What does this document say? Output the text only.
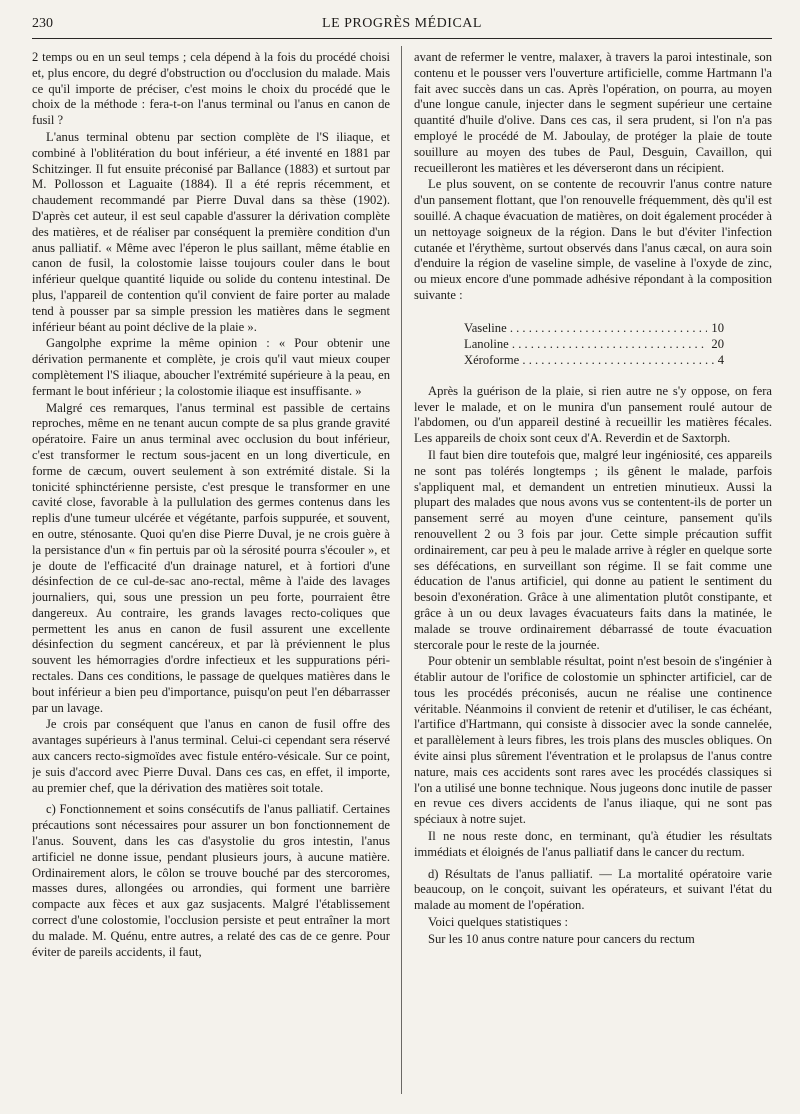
230	LE PROGRÈS MÉDICAL

2 temps ou en un seul temps ; cela dépend à la fois du procédé choisi et, plus encore, du degré d'obstruction ou d'occlusion du malade. Mais ce qu'il importe de préciser, c'est moins le choix du procédé que le choix de la méthode : fera-t-on l'anus terminal ou l'anus en canon de fusil ?

L'anus terminal obtenu par section complète de l'S iliaque, et combiné à l'oblitération du bout inférieur, a été inventé en 1881 par Schitzinger. Il fut ensuite préconisé par Ballance (1883) et surtout par M. Pollosson et Laguaite (1884). Il a été repris récemment, et chaudement recommandé par Pierre Duval dans sa thèse (1902). D'après cet auteur, il est seul capable d'assurer la dérivation complète des matières, et de réaliser par conséquent la première condition d'un anus palliatif. « Même avec l'éperon le plus saillant, même établie en canon de fusil, la colostomie laisse toujours couler dans le bout inférieur quelque quantité liquide ou solide du contenu intestinal. De plus, l'appareil de contention qu'il convient de faire porter au malade tend à pousser par sa simple pression les matières dans le segment inférieur béant au point déclive de la plaie ».

Gangolphe exprime la même opinion : « Pour obtenir une dérivation permanente et complète, je crois qu'il vaut mieux couper complètement l'S iliaque, aboucher l'extrémité supérieure à la peau, en fermant le bout inférieur ; la colostomie iliaque est insuffisante. »

Malgré ces remarques, l'anus terminal est passible de certains reproches, même en ne tenant aucun compte de sa plus grande gravité opératoire. Faire un anus terminal avec occlusion du bout inférieur, c'est transformer le rectum sous-jacent en un long diverticule, en forme de cæcum, ouvert seulement à son extrémité distale. Si la tonicité sphinctérienne persiste, c'est presque le transformer en une cavité close, favorable à la pullulation des germes contenus dans les replis d'une tumeur ulcérée et végétante, parfois suppurée, et souvent, en outre, sténosante. Quoi qu'en dise Pierre Duval, je ne crois guère à la persistance d'un « fin pertuis par où la sérosité pourra s'écouler », et je doute de l'efficacité d'un drainage naturel, et à fortiori d'une désinfection de ce cul-de-sac ano-rectal, même à l'aide des lavages journaliers, qui, sous une pression un peu forte, pourraient être dangereux. Au contraire, les grands lavages recto-coliques que permettent les anus en canon de fusil assurent une excellente désinfection du segment cancéreux, et par là préviennent le plus souvent les hémorragies d'ordre infectieux et les suppurations péri-rectales. Dans ces conditions, le passage de quelques matières dans le bout inférieur a bien peu d'importance, puisqu'on peut l'en débarrasser par un lavage.

Je crois par conséquent que l'anus en canon de fusil offre des avantages supérieurs à l'anus terminal. Celui-ci cependant sera réservé aux cancers recto-sigmoïdes avec fistule entéro-vésicale. Sur ce point, je suis d'accord avec Pierre Duval. Dans ces cas, en effet, il importe, au premier chef, que la dérivation des matières soit totale.

c) Fonctionnement et soins consécutifs de l'anus palliatif. Certaines précautions sont nécessaires pour assurer un bon fonctionnement de l'anus. Souvent, dans les cas d'asystolie du gros intestin, l'anus artificiel ne donne issue, pendant plusieurs jours, à aucune matière. Ordinairement alors, le côlon se trouve bouché par des stercoromes, masses dures, allongées ou arrondies, qui forment une barrière compacte aux fèces et aux gaz susjacents. Malgré l'établissement correct d'une colostomie, l'occlusion persiste et peut entraîner la mort du malade. M. Quénu, entre autres, a relaté des cas de ce genre. Pour éviter de pareils accidents, il faut,

avant de refermer le ventre, malaxer, à travers la paroi intestinale, son contenu et le pousser vers l'ouverture artificielle, comme Hartmann l'a fait avec succès dans un cas. Après l'opération, on pourra, au moyen d'une longue canule, injecter dans le segment supérieur une certaine quantité d'huile d'olive. Dans ces cas, il sera prudent, si l'on n'a pas employé le procédé de M. Jaboulay, de protéger la plaie de toute souillure au moyen des tubes de Paul, Desguin, Cavaillon, qui recueilleront les matières et les déverseront dans un récipient.

Le plus souvent, on se contente de recouvrir l'anus contre nature d'un pansement flottant, que l'on renouvelle fréquemment, dès qu'il est souillé. A chaque évacuation de matières, on doit également procéder à un nettoyage soigneux de la région. Dans le but d'éviter l'infection cutanée et l'érythème, surtout observés dans l'anus cæcal, on aura soin d'enduire la région de vaseline simple, de vaseline à l'oxyde de zinc, ou mieux encore d'une pommade adhésive répondant à la composition suivante :

Vaseline . . .	10
Lanoline . . .	20
Xéroforme . . .	4

Après la guérison de la plaie, si rien autre ne s'y oppose, on fera lever le malade, et on le munira d'un pansement roulé autour de l'abdomen, ou d'un appareil destiné à recueillir les matières fécales. Les appareils de choix sont ceux d'A. Reverdin et de Saxtorph.

Il faut bien dire toutefois que, malgré leur ingéniosité, ces appareils ne sont pas tolérés longtemps ; ils gênent le malade, parfois s'appliquent mal, et demandent un entretien minutieux. Aussi la plupart des malades que nous avons vus se contentent-ils de porter un pansement serré au moyen d'une ceinture, pansement qu'ils renouvellent 2 ou 3 fois par jour. Cette simple précaution suffit ordinairement, car peu à peu le malade arrive à régler en quelque sorte ses défécations, en surveillant son régime. Il se fait comme une éducation de l'anus artificiel, qui donne au patient le sentiment du besoin d'exonération. Grâce à une alimentation plutôt constipante, et grâce à un ou deux lavages évacuateurs faits dans la matinée, le malade se trouve ordinairement débarrassé de toute évacuation stercorale pour le reste de la journée.

Pour obtenir un semblable résultat, point n'est besoin de s'ingénier à établir autour de l'orifice de colostomie un sphincter artificiel, car de tous les procédés préconisés, aucun ne réalise une continence véritable. Néanmoins il convient de retenir et d'utiliser, le cas échéant, l'artifice d'Hartmann, qui consiste à dissocier avec la sonde cannelée, et parallèlement à leurs fibres, les trois plans des muscles obliques. On évite ainsi plus sûrement l'éventration et le prolapsus de l'anus contre nature, mais ces accidents sont rares avec les procédés classiques si l'on a utilisé une bonne technique. Nous jugeons donc inutile de passer en revue ces divers accidents de l'anus iliaque, qui ne sont pas spéciaux à notre sujet.

Il ne nous reste donc, en terminant, qu'à étudier les résultats immédiats et éloignés de l'anus palliatif dans le cancer du rectum.

d) Résultats de l'anus palliatif. — La mortalité opératoire varie beaucoup, on le conçoit, suivant les opérateurs, et suivant l'état du malade au moment de l'opération.

Voici quelques statistiques :

Sur les 10 anus contre nature pour cancers du rectum
